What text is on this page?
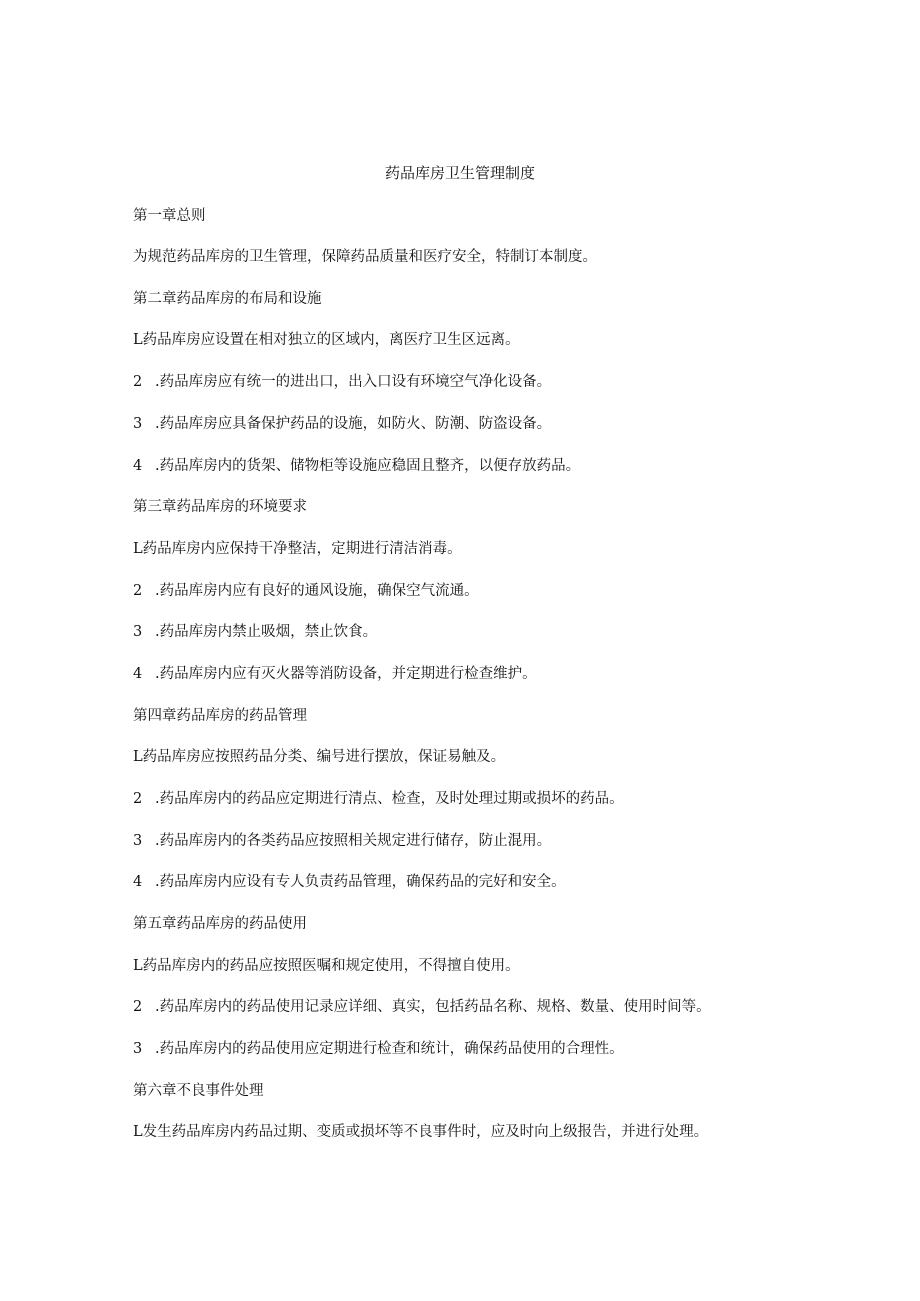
药品库房卫生管理制度
第一章总则
为规范药品库房的卫生管理，保障药品质量和医疗安全，特制订本制度。
第二章药品库房的布局和设施
L药品库房应设置在相对独立的区域内，离医疗卫生区远离。
2 .药品库房应有统一的进出口，出入口设有环境空气净化设备。
3 .药品库房应具备保护药品的设施，如防火、防潮、防盗设备。
4 .药品库房内的货架、储物柜等设施应稳固且整齐，以便存放药品。
第三章药品库房的环境要求
L药品库房内应保持干净整洁，定期进行清洁消毒。
2 .药品库房内应有良好的通风设施，确保空气流通。
3 .药品库房内禁止吸烟，禁止饮食。
4 .药品库房内应有灭火器等消防设备，并定期进行检查维护。
第四章药品库房的药品管理
L药品库房应按照药品分类、编号进行摆放，保证易触及。
2 .药品库房内的药品应定期进行清点、检查，及时处理过期或损坏的药品。
3 .药品库房内的各类药品应按照相关规定进行储存，防止混用。
4 .药品库房内应设有专人负责药品管理，确保药品的完好和安全。
第五章药品库房的药品使用
L药品库房内的药品应按照医嘱和规定使用，不得擅自使用。
2 .药品库房内的药品使用记录应详细、真实，包括药品名称、规格、数量、使用时间等。
3 .药品库房内的药品使用应定期进行检查和统计，确保药品使用的合理性。
第六章不良事件处理
L发生药品库房内药品过期、变质或损坏等不良事件时，应及时向上级报告，并进行处理。
